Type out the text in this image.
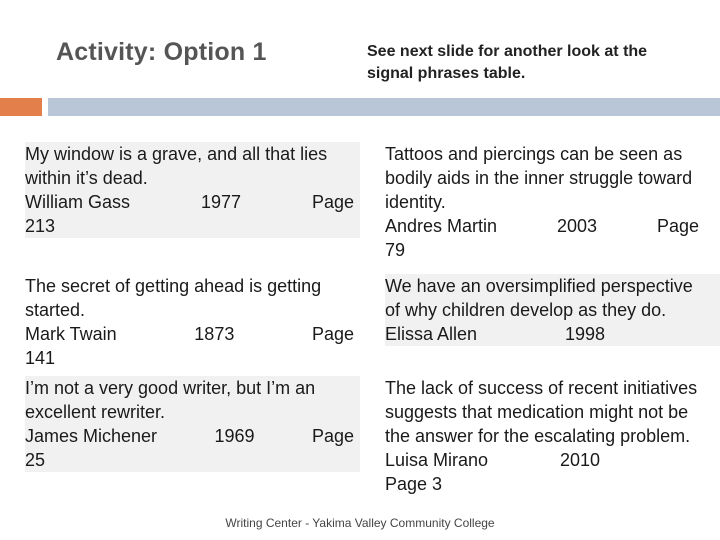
Activity: Option 1	See next slide for another look at the signal phrases table.

My window is a grave, and all that lies within it’s dead.

William Gass	1977	Page

213

Tattoos and piercings can be seen as bodily aids in the inner struggle toward identity.

Andres Martin	2003	Page

79

The secret of getting ahead is getting started.

Mark Twain	1873	Page

141

We have an oversimplified perspective of why children develop as they do.

Elissa Allen	1998

I’m not a very good writer, but I’m an excellent rewriter.

James Michener	1969	Page

25

The lack of success of recent initiatives suggests that medication might not be the answer for the escalating problem.

Luisa Mirano	2010

Page 3

Writing Center - Yakima Valley Community College
